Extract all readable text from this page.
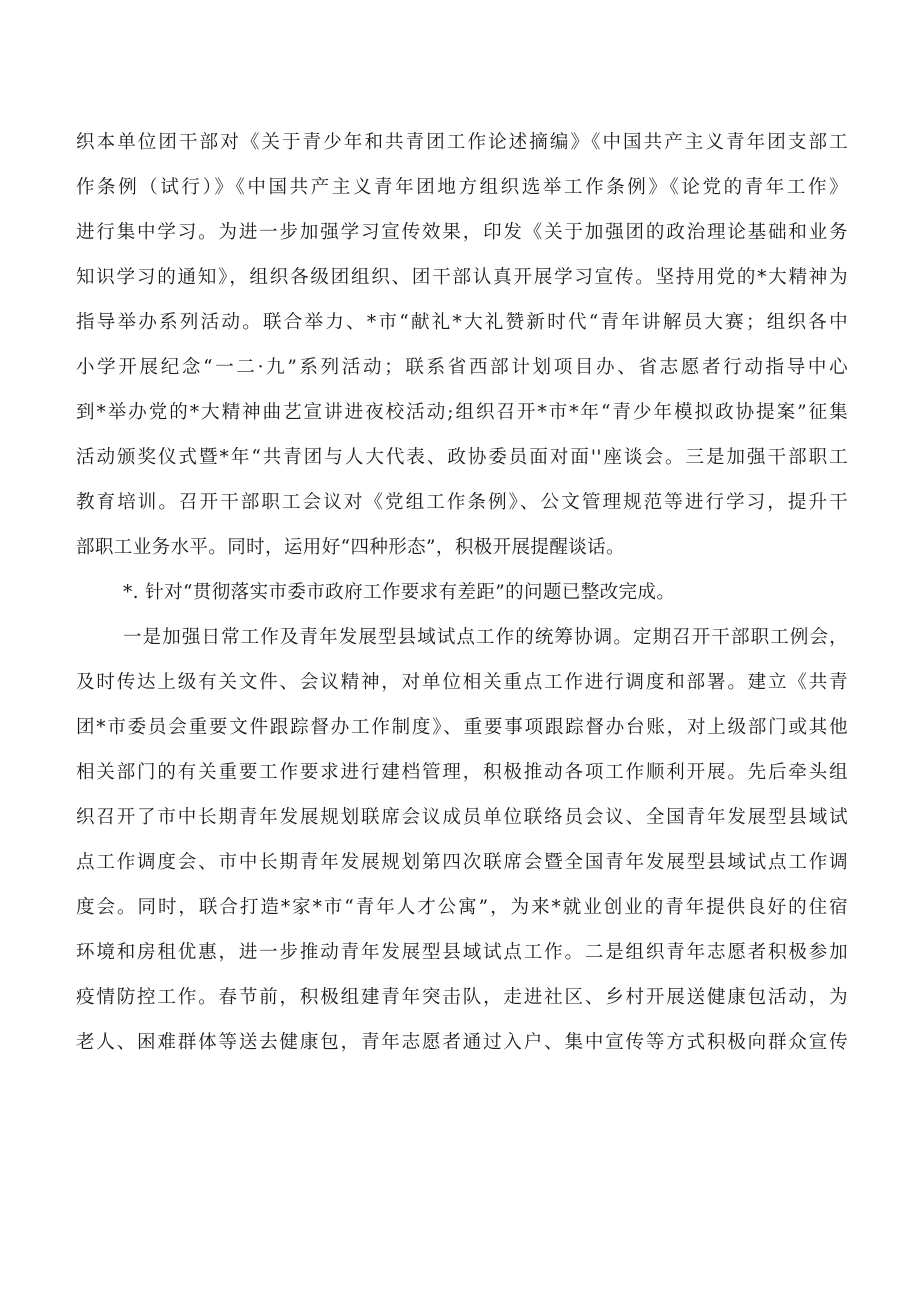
织本单位团干部对《关于青少年和共青团工作论述摘编》《中国共产主义青年团支部工
作条例（试行）》《中国共产主义青年团地方组织选举工作条例》《论党的青年工作》
进行集中学习。为进一步加强学习宣传效果，印发《关于加强团的政治理论基础和业务
知识学习的通知》，组织各级团组织、团干部认真开展学习宣传。坚持用党的*大精神为
指导举办系列活动。联合举力、*市“献礼*大礼赞新时代“青年讲解员大赛；组织各中
小学开展纪念“一二·九”系列活动；联系省西部计划项目办、省志愿者行动指导中心
到*举办党的*大精神曲艺宣讲进夜校活动;组织召开*市*年“青少年模拟政协提案”征集
活动颁奖仪式暨*年“共青团与人大代表、政协委员面对面''座谈会。三是加强干部职工
教育培训。召开干部职工会议对《党组工作条例》、公文管理规范等进行学习，提升干
部职工业务水平。同时，运用好“四种形态”，积极开展提醒谈话。
*. 针对“贯彻落实市委市政府工作要求有差距”的问题已整改完成。
一是加强日常工作及青年发展型县域试点工作的统筹协调。定期召开干部职工例会，
及时传达上级有关文件、会议精神，对单位相关重点工作进行调度和部署。建立《共青
团*市委员会重要文件跟踪督办工作制度》、重要事项跟踪督办台账，对上级部门或其他
相关部门的有关重要工作要求进行建档管理，积极推动各项工作顺利开展。先后牵头组
织召开了市中长期青年发展规划联席会议成员单位联络员会议、全国青年发展型县域试
点工作调度会、市中长期青年发展规划第四次联席会暨全国青年发展型县域试点工作调
度会。同时，联合打造*家*市“青年人才公寓”，为来*就业创业的青年提供良好的住宿
环境和房租优惠，进一步推动青年发展型县域试点工作。二是组织青年志愿者积极参加
疫情防控工作。春节前，积极组建青年突击队，走进社区、乡村开展送健康包活动，为
老人、困难群体等送去健康包，青年志愿者通过入户、集中宣传等方式积极向群众宣传
